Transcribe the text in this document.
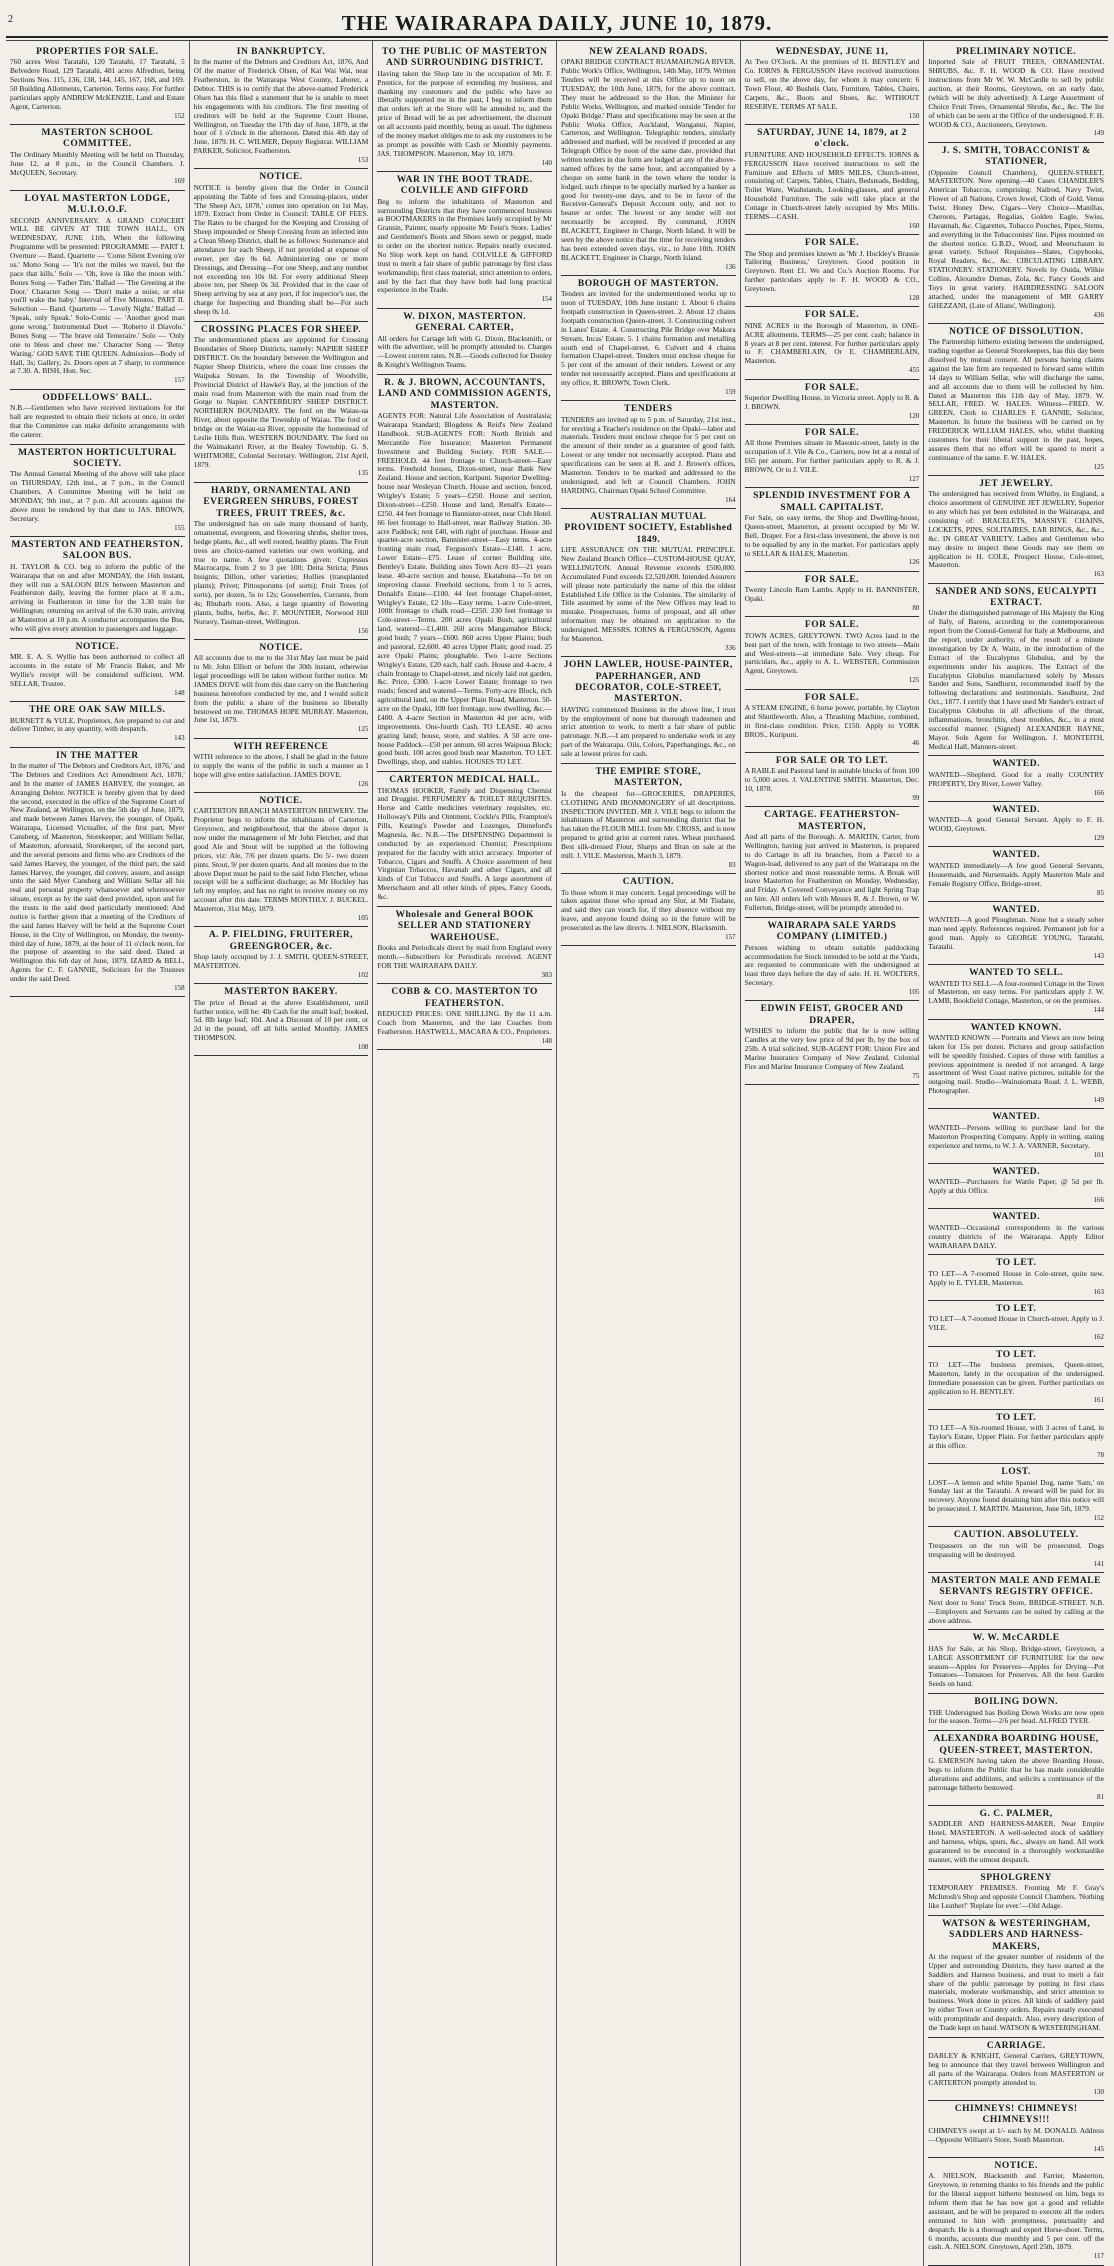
2	THE WAIRARAPA DAILY, JUNE 10, 1879.
PROPERTIES FOR SALE.
760 acres West Taratahi, 120 Taratahi, 17 Taratahi, 5 Belvedere Road, 129 Taratahi, 481 acres Alfredton, being Sections Nos. 115, 136, 138, 144, 145, 167, 168, and 169. 50 Building Allotments, Carterton. Terms easy. For further particulars apply ANDREW McKENZIE, Land and Estate Agent, Carterton.
152
MASTERTON SCHOOL COMMITTEE.
The Ordinary Monthly Meeting will be held on Thursday, June 12, at 8 p.m., in the Council Chambers. J. McQUEEN, Secretary.
169
LOYAL MASTERTON LODGE, M.U.I.O.O.F.
SECOND ANNIVERSARY. A GRAND CONCERT WILL BE GIVEN AT THE TOWN HALL, ON WEDNESDAY, JUNE 11th, When the following Programme will be presented: PROGRAMME — PART I. Overture — Band. Quartette — 'Come Silent Evening o'er us.' Motto Song — 'It's not the miles we travel, but the pace that kills.' Solo — 'Oh, love is like the moon with.' Bones Song — 'Father Tim.' Ballad — 'The Greeting at the Door.' Character Song — 'Don't make a noise, or else you'll wake the baby.' Interval of Five Minutes. PART II. Selection — Band. Quartette — 'Lovely Night.' Ballad — 'Speak, only Speak.' Solo-Comic — 'Another good man gone wrong.' Instrumental Duet — 'Roberto il Diavolo.' Bones Song — 'The brave old Temeraire.' Solo — 'Only one to bless and cheer me.' Character Song — 'Betsy Waring.' GOD SAVE THE QUEEN. Admission—Body of Hall, 3s; Gallery, 2s. Doors open at 7 sharp; to commence at 7.30. A. BISH, Hon. Sec.
157
ODDFELLOWS' BALL.
N.B.—Gentlemen who have received invitations for the ball are requested to obtain their tickets at once, in order that the Committee can make definite arrangements with the caterer.
MASTERTON HORTICULTURAL SOCIETY.
The Annual General Meeting of the above will take place on THURSDAY, 12th inst., at 7 p.m., in the Council Chambers. A Committee Meeting will be held on MONDAY, 9th inst., at 7 p.m. All accounts against the above must be rendered by that date to JAS. BROWN, Secretary.
155
MASTERTON AND FEATHERSTON. SALOON BUS.
H. TAYLOR & CO. beg to inform the public of the Wairarapa that on and after MONDAY, the 16th instant, they will run a SALOON BUS between Masterton and Featherston daily, leaving the former place at 8 a.m., arriving in Featherston in time for the 3.30 train for Wellington; returning on arrival of the 6.30 train, arriving at Masterton at 10 p.m. A conductor accompanies the Bus, who will give every attention to passengers and luggage.
NOTICE.
MR. E. A. S. Wyllie has been authorised to collect all accounts in the estate of Mr Francis Baker, and Mr Wyllie's receipt will be considered sufficient. WM. SELLAR, Trustee.
148
THE ORE OAK SAW MILLS.
BURNETT & YULE, Proprietors, Are prepared to cut and deliver Timber, in any quantity, with despatch.
143
IN THE MATTER
In the matter of 'The Debtors and Creditors Act, 1876,' and 'The Debtors and Creditors Act Amendment Act, 1878,' and In the matter of JAMES HARVEY, the younger, an Arranging Debtor. NOTICE is hereby given that by deed the second, executed in the office of the Supreme Court of New Zealand, at Wellington, on the 5th day of June, 1879, and made between James Harvey, the younger, of Opaki, Wairarapa, Licensed Victualler, of the first part, Myer Cansberg, of Masterton, Storekeeper, and William Sellar, of Masterton, aforesaid, Storekeeper, of the second part, and the several persons and firms who are Creditors of the said James Harvey, the younger, of the third part, the said James Harvey, the younger, did convey, assure, and assign unto the said Myer Cansberg and William Sellar all his real and personal property whatsoever and wheresoever situate, except as by the said deed provided, upon and for the trusts in the said deed particularly mentioned: And notice is further given that a meeting of the Creditors of the said James Harvey will be held at the Supreme Court House, in the City of Wellington, on Monday, the twenty-third day of June, 1879, at the hour of 11 o'clock noon, for the purpose of assenting to the said deed. Dated at Wellington this 6th day of June, 1879. IZARD & BELL, Agents for C. F. GANNIE, Solicitors for the Trustees under the said Deed.
158
IN BANKRUPTCY.
In the matter of the Debtors and Creditors Act, 1876, And Of the matter of Frederick Olsen, of Kai Wai Wai, near Featherston, in the Wairarapa West County, Laborer, a Debtor. THIS is to certify that the above-named Frederick Olsen has this filed a statement that he is unable to meet his engagements with his creditors. The first meeting of creditors will be held at the Supreme Court House, Wellington, on Tuesday the 17th day of June, 1879, at the hour of 1 o'clock in the afternoon. Dated this 4th day of June, 1879. H. C. WILMER, Deputy Registrar. WILLIAM PARKER, Solicitor, Featherston.
153
NOTICE.
NOTICE is hereby given that the Order in Council appointing the Table of fees and Crossing-places, under 'The Sheep Act, 1878,' comes into operation on 1st May, 1879. Extract from Order in Council: TABLE OF FEES. The Rates to be charged for the Keeping and Crossing of Sheep impounded or Sheep Crossing from an infected into a Clean Sheep District, shall be as follows: Sustenance and attendance for each Sheep, if not provided at expense of owner, per day 0s 6d. Administering one or more Dressings, and Dressing—For one Sheep, and any number not exceeding ten 10s 0d. For every additional Sheep above ten, per Sheep 0s 3d. Provided that in the case of Sheep arriving by sea at any port, if for inspector's use, the charge for Inspecting and Branding shall be—For such sheep 0s 1d.
CROSSING PLACES FOR SHEEP.
The undermentioned places are appointed for Crossing Boundaries of Sheep Districts, namely: NAPIER SHEEP DISTRICT. On the boundary between the Wellington and Napier Sheep Districts, where the coast line crosses the Waipuka Stream. In the Township of Woodville, Provincial District of Hawke's Bay, at the junction of the main road from Masterton with the main road from the Gorge to Napier. CANTERBURY SHEEP DISTRICT. NORTHERN BOUNDARY. The ford on the Waiau-ua River, about opposite the Township of Waiau. The ford or bridge on the Waiau-ua River, opposite the homestead of Leslie Hills Run. WESTERN BOUNDARY. The ford on the Waimakariri River, at the Bealey Township. G. S. WHITMORE, Colonial Secretary. Wellington, 21st April, 1879.
135
HARDY, ORNAMENTAL AND EVERGREEN SHRUBS, FOREST TREES, FRUIT TREES, &c.
The undersigned has on sale many thousand of hardy, ornamental, evergreen, and flowering shrubs, shelter trees, hedge plants, &c., all well rooted, healthy plants. The Fruit trees are choice-named varieties our own working, and true to name. A few quotations given: Cupressus Macrocarpa, from 2 to 3 per 100; Deita Stricta; Pinus Insignis; Dillon, other varieties; Hollies (transplanted plants); Privet; Pittosporums (of sorts); Fruit Trees (of sorts), per dozen, 5s to 12s; Gooseberries, Currants, from 4s; Rhubarb roots. Also, a large quantity of flowering plants, bulbs, herbs, &c. F. MOUNTIER, Norwood Hill Nursery, Tasman-street, Wellington.
156
NOTICE.
All accounts due to me to the 31st May last must be paid to Mr. John Elliott or before the 30th instant, otherwise legal proceedings will be taken without further notice. Mr JAMES DOVE will from this date carry on the Butchering business heretofore conducted by me, and I would solicit from the public a share of the business so liberally bestowed on me. THOMAS HOPE MURRAY. Masterton, June 1st, 1879.
125
WITH REFERENCE
WITH reference to the above, I shall be glad in the future to supply the wants of the public in such a manner as I hope will give entire satisfaction. JAMES DOVE.
126
NOTICE.
CARTERTON BRANCH MASTERTON BREWERY. The Proprietor begs to inform the inhabitants of Carterton, Greytown, and neighbourhood, that the above depot is now under the management of Mr John Fletcher, and that good Ale and Stout will be supplied at the following prices, viz: Ale, 7/6 per dozen quarts. Do 5/- two dozen pints. Stout, 9/ per dozen quarts. And all monies due to the above Depot must be paid to the said John Fletcher, whose receipt will be a sufficient discharge; as Mr Hockley has left my employ, and has no right to receive money on my account after this date. TERMS MONTHLY. J. BUCKEL. Masterton, 31st May, 1879.
105
A. P. FIELDING, FRUITERER, GREENGROCER, &c.
Shop lately occupied by J. J. SMITH, QUEEN-STREET, MASTERTON.
102
MASTERTON BAKERY.
The price of Bread at the above Establishment, until further notice, will be: 4lb Cash for the small loaf; booked, 5d. 8lb large loaf; 10d. And a Discount of 10 per cent, or 2d in the pound, off all bills settled Monthly. JAMES THOMPSON.
108
TO THE PUBLIC OF MASTERTON AND SURROUNDING DISTRICT.
Having taken the Shop late in the occupation of Mr. F. Prentice, for the purpose of extending my business, and thanking my customers and the public who have so liberally supported me in the past, I beg to inform them that orders left at the Store will be attended to, and the price of Bread will be as per advertisement, the discount on all accounts paid monthly, being as usual. The tightness of the money market obliges me to ask my customers to be as prompt as possible with Cash or Monthly payments. JAS. THOMPSON. Masterton, May 10, 1879.
140
WAR IN THE BOOT TRADE. COLVILLE AND GIFFORD
Beg to inform the inhabitants of Masterton and surrounding Districts that they have commenced business as BOOTMAKERS in the Premises lately occupied by Mr Gransin, Painter, nearly opposite Mr Feist's Store. Ladies' and Gentlemen's Boots and Shoes sewn or pegged, made to order on the shortest notice. Repairs neatly executed. No Slop work kept on hand. COLVILLE & GIFFORD trust to merit a fair share of public patronage by first class workmanship, first class material, strict attention to orders, and by the fact that they have both had long practical experience in the Trade.
154
W. DIXON, MASTERTON. GENERAL CARTER,
All orders for Cartage left with G. Dixon, Blacksmith, or with the advertiser, will be promptly attended to. Charges—Lowest current rates. N.B.—Goods collected for Donley & Knight's Wellington Teams.
R. & J. BROWN, ACCOUNTANTS, LAND AND COMMISSION AGENTS, MASTERTON.
AGENTS FOR: Natural Life Association of Australasia; Wairarapa Standard; Blogdens & Reid's New Zealand Handbook. SUB-AGENTS FOR: North British and Mercantile Fire Insurance; Masterton Permanent Investment and Building Society. FOR SALE.—FREEHOLD. 44 feet frontage to Church-street—Easy terms. Freehold houses, Dixon-street, near Bank New Zealand. House and section, Kuripuni. Superior Dwelling-house near Wesleyan Church. House and section, fenced, Wrigley's Estate; 5 years—£250. House and section, Dixon-street—£250. House and land, Renall's Estate—£250. 44 feet frontage to Bannister-street, near Club Hotel. 66 feet frontage to Hall-street, near Railway Station. 30-acre Paddock; rent £40, with right of purchase. House and quarter-acre section, Bannister-street—Easy terms. 4-acre fronting main road, Ferguson's Estate—£140. 1 acre, Lower Estate—£75. Lease of corner Building site, Bentley's Estate. Building sites Town Acre 83—21 years lease. 40-acre section and house, Ekatahuna—To let on improving clause. Freehold sections, from 1 to 5 acres, Donald's Estate—£100. 44 feet frontage Chapel-street, Wrigley's Estate, £2 10s—Easy terms. 1-acre Cole-street, 100ft frontage to chalk road—£250. 230 feet frontage to Cole-street—Terms. 200 acres Opaki Bush, agricultural land, watered—£1,400. 260 acres Mangamahoe Block; good bush; 7 years—£600. 860 acres Upper Plains; bush and pastoral, £2,600. 40 acres Upper Plain; good road. 25 acre Opaki Plains; ploughable. Two 1-acre Sections Wrigley's Estate, £20 each, half cash. House and 4-acre, 4 chain frontage to Chapel-street, and nicely laid out garden, &c. Price, £300. 1-acre Lower Estate; frontage to two roads; fenced and watered—Terms. Forty-acre Block, rich agricultural land, on the Upper Plain Road, Masterton. 50-acre on the Opaki, 100 feet frontage, now dwelling, &c.—£400. A 4-acre Section in Masterton 4d per acre, with improvements. One-fourth Cash. TO LEASE. 40 acres grazing land; house, store, and stables. A 50 acre one-house Paddock—£50 per annum. 60 acres Waipoua Block; good bush. 100 acres good bush near Masterton. TO LET. Dwellings, shop, and stables. HOUSES TO LET.
CARTERTON MEDICAL HALL.
THOMAS HOOKER, Family and Dispensing Chemist and Druggist. PERFUMERY & TOILET REQUISITES. Horse and Cattle medicines veterinary requisites, etc. Holloway's Pills and Ointment, Cockle's Pills, Frampton's Pills, Keating's Powder and Lozenges, Dinneford's Magnesia, &c. N.B.—The DISPENSING Department is conducted by an experienced Chemist; Prescriptions prepared for the faculty with strict accuracy. Importer of Tobacco, Cigars and Snuffs. A Choice assortment of best Virginian Tobaccos, Havanah and other Cigars, and all kinds of Cut Tobacco and Snuffs. A large assortment of Meerschaum and all other kinds of pipes, Fancy Goods, &c.
Wholesale and General BOOK SELLER AND STATIONERY WAREHOUSE.
Books and Periodicals direct by mail from England every month.—Subscribers for Periodicals received. AGENT FOR THE WAIRARAPA DAILY.
383
COBB & CO. MASTERTON TO FEATHERSTON.
REDUCED PRICES: ONE SHILLING. By the 11 a.m. Coach from Masterton, and the late Coaches from Featherston. HASTWELL, MACARA & CO., Proprietors.
148
NEW ZEALAND ROADS.
OPAKI BRIDGE CONTRACT RUAMAHUNGA RIVER. Public Work's Office, Wellington, 14th May, 1879. Written Tenders will be received at this Office up to noon on TUESDAY, the 10th June, 1879, for the above contract. They must be addressed to the Hon. the Minister for Public Works, Wellington, and marked outside 'Tender for Opaki Bridge.' Plans and specifications may be seen at the Public Works Office, Auckland, Wanganui, Napier, Carterton, and Wellington. Telegraphic tenders, similarly addressed and marked, will be received if preceded at any Telegraph Office by noon of the same date, provided that written tenders in due form are lodged at any of the above-named offices by the same hour, and accompanied by a cheque on some bank in the town where the tender is lodged, such cheque to be specially marked by a banker as good for twenty-one days, and to be in favor of the Receiver-General's Deposit Account only, and not to bearer or order. The lowest or any tender will not necessarily be accepted. By command, JOHN BLACKETT, Engineer in Charge, North Island. It will be seen by the above notice that the time for receiving tenders has been extended seven days, viz., to June 10th. JOHN BLACKETT, Engineer in Charge, North Island.
136
BOROUGH OF MASTERTON.
Tenders are invited for the undermentioned works up to noon of TUESDAY, 10th June instant: 1. About 6 chains footpath construction in Queen-street. 2. About 12 chains footpath construction Queen-street. 3. Constructing culvert in Lanes' Estate. 4. Constructing Pile Bridge over Makora Stream, Incas' Estate. 5. 1 chains formation and metalling south end of Chapel-street. 6. Culvert and 4 chains formation Chapel-street. Tenders must enclose cheque for 5 per cent of the amount of their tenders. Lowest or any tender not necessarily accepted. Plans and specifications at my office, R. BROWN, Town Clerk.
159
TENDERS
TENDERS are invited up to 5 p.m. of Saturday, 21st inst., for erecting a Teacher's residence on the Opaki—labor and materials. Tenders must enclose cheque for 5 per cent on the amount of their tender as a guarantee of good faith. Lowest or any tender not necessarily accepted. Plans and specifications can be seen at R. and J. Brown's offices, Masterton. Tenders to be marked and addressed to the undersigned, and left at Council Chambers. JOHN HARDING, Chairman Opaki School Committee.
164
AUSTRALIAN MUTUAL PROVIDENT SOCIETY, Established 1849.
LIFE ASSURANCE ON THE MUTUAL PRINCIPLE. New Zealand Branch Office—CUSTOM-HOUSE QUAY, WELLINGTON. Annual Revenue exceeds £500,000. Accumulated Fund exceeds £2,520,000. Intended Assurers will please note particularly the name of this the oldest Established Life Office in the Colonies. The similarity of Title assumed by some of the New Offices may lead to mistake. Prospectuses, forms of proposal, and all other information may be obtained on application to the undersigned. MESSRS. IORNS & FERGUSSON, Agents for Masterton.
336
JOHN LAWLER, HOUSE-PAINTER, PAPERHANGER, AND DECORATOR, COLE-STREET, MASTERTON.
HAVING commenced Business in the above line, I trust by the employment of none but thorough tradesmen and strict attention to work, to merit a fair share of public patronage. N.B.—I am prepared to undertake work in any part of the Wairarapa. Oils, Colors, Paperhangings, &c., on sale at lowest prices for cash.
THE EMPIRE STORE, MASTERTON,
Is the cheapest for—GROCERIES, DRAPERIES, CLOTHING AND IRONMONGERY of all descriptions. INSPECTION INVITED. MR J. VILE begs to inform the inhabitants of Masterton and surrounding district that he has taken the FLOUR MILL from Mr. CROSS, and is now prepared to grind grist at current rates. Wheat purchased. Best silk-dressed Flour, Sharps and Bran on sale at the mill. J. VILE. Masterton, March 3, 1879.
83
CAUTION.
To those whom it may concern. Legal proceedings will be taken against those who spread any Slur, at Mr Tisdane, and said they can vouch for, if they absence without my leave, and anyone found doing so in the future will be prosecuted as the law directs. J. NIELSON, Blacksmith.
157
WEDNESDAY, JUNE 11,
At Two O'Clock. At the premises of H. BENTLEY and Co. IORNS & FERGUSSON Have received instructions to sell, on the above day, for whom it may concern: 6 Town Flour, 40 Bushels Oats, Furniture, Tables, Chairs, Carpets, &c., Boots and Shoes, &c. WITHOUT RESERVE. TERMS AT SALE.
150
SATURDAY, JUNE 14, 1879, at 2 o'clock.
FURNITURE AND HOUSEHOLD EFFECTS. IORNS & FERGUSSON Have received instructions to sell the Furniture and Effects of MRS MILES, Church-street, consisting of: Carpets, Tables, Chairs, Bedsteads, Bedding, Toilet Ware, Washstands, Looking-glasses, and general Household Furniture. The sale will take place at the Cottage in Church-street lately occupied by Mrs Mills. TERMS—CASH.
160
FOR SALE.
The Shop and premises known as 'Mr J. Hockley's Brassie Tailoring Business,' Greytown. Good position in Greytown. Rent £1. We and Co.'s Auction Rooms. For further particulars apply to F. H. WOOD & CO., Greytown.
128
FOR SALE.
NINE ACRES in the Borough of Masterton, in ONE-ACRE allotments. TERMS—25 per cent. cash; balance in 8 years at 8 per cent. interest. For further particulars apply to F. CHAMBERLAIN, Or E. CHAMBERLAIN, Masterton.
455
FOR SALE.
Superior Dwelling House, in Victoria street. Apply to R. & J. BROWN.
120
FOR SALE.
All those Premises situate in Masonic-street, lately in the occupation of J. Vile & Co., Carriers, now let at a rental of £65 per annum. For further particulars apply to R. & J. BROWN, Or to J. VILE.
127
SPLENDID INVESTMENT FOR A SMALL CAPITALIST.
For Sale, on easy terms, the Shop and Dwelling-house, Queen-street, Masterton, at present occupied by Mr W. Bell, Draper. For a first-class investment, the above is not to be equalled by any in the market. For particulars apply to SELLAR & HALES, Masterton.
126
FOR SALE.
Twenty Lincoln Ram Lambs. Apply to H. BANNISTER, Opaki.
80
FOR SALE.
TOWN ACRES, GREYTOWN. TWO Acres land in the best part of the town, with frontage to two streets—Main and West-streets—at immediate Sale. Very cheap. For particulars, &c., apply to A. L. WEBSTER, Commission Agent, Greytown.
125
FOR SALE.
A STEAM ENGINE, 6 horse power, portable, by Clayton and Shuttleworth. Also, a Thrashing Machine, combined, in first-class condition. Price, £150. Apply to YORK BROS., Kuripuni.
46
FOR SALE OR TO LET.
A RABLE and Pastoral land in suitable blocks of from 100 to 5,000 acres. J. VALENTINE SMITH. Masterton, Dec. 10, 1878.
99
CARTAGE. FEATHERSTON-MASTERTON,
And all parts of the Borough. A. MARTIN, Carter, from Wellington, having just arrived in Masterton, is prepared to do Cartage in all its branches, from a Parcel to a Wagon-load, delivered to any part of the Wairarapa on the shortest notice and most reasonable terms. A Break will leave Masterton for Featherston on Monday, Wednesday, and Friday. A Covered Conveyance and light Spring Trap on hire. All orders left with Messrs R. & J. Brown, or W. Fullerton, Bridge-street, will be promptly attended to.
WAIRARAPA SALE YARDS COMPANY (LIMITED.)
Persons wishing to obtain suitable paddocking accommodation for Stock intended to be sold at the Yards, are requested to communicate with the undersigned at least three days before the day of sale. H. H. WOLTERS, Secretary.
105
EDWIN FEIST, GROCER AND DRAPER,
WISHES to inform the public that he is now selling Candles at the very low price of 9d per lb, by the box of 25lb. A trial solicited. SUB-AGENT FOR: Union Fire and Marine Insurance Company of New Zealand. Colonial Fire and Marine Insurance Company of New Zealand.
75
PRELIMINARY NOTICE.
Imported Sale of FRUIT TREES, ORNAMENTAL SHRUBS, &c. F. H. WOOD & CO. Have received instructions from Mr W. W. McCardle to sell by public auction, at their Rooms, Greytown, on an early date, (which will be duly advertised): A Large Assortment of Choice Fruit Trees, Ornamental Shrubs, &c., &c. The list of which can be seen at the Office of the undersigned. F. H. WOOD & CO., Auctioneers, Greytown.
149
J. S. SMITH, TOBACCONIST & STATIONER,
(Opposite Council Chambers), QUEEN-STREET, MASTERTON. Now opening—40 Cases CHANDLER'S American Tobaccos, comprising: Nailrod, Navy Twist, Flower of all Nations, Crown Jewel, Cloth of Gold, Venus Twist. Honey Dew, Cigars—Very Choice—Manillas, Cheroots, Partagas, Regalias, Golden Eagle, Swiss, Havannah, &c. Cigarettes, Tobacco Pouches, Pipes, Stems, and everything in the Tobacconists' line. Pipes mounted on the shortest notice. G.B.D., Wood, and Meerschaum in great variety. School Requisites—Slates, Copybooks, Royal Readers, &c., &c. CIRCULATING LIBRARY. STATIONERY. STATIONERY. Novels by Ouida, Wilkie Collins, Alexandre Dumas, Zola, &c. Fancy Goods and Toys in great variety. HAIRDRESSING SALOON attached, under the management of MR GARRY GHEZZANI, (Late of Allans', Wellington).
436
NOTICE OF DISSOLUTION.
The Partnership hitherto existing between the undersigned, trading together as General Storekeepers, has this day been dissolved by mutual consent. All persons having claims against the late firm are requested to forward same within 14 days to William Sellar, who will discharge the same, and all accounts due to them will be collected by him. Dated at Masterton this 11th day of May, 1879. W. SELLAR, FRED. W. HALES. Witness—FRED. W. GREEN, Clerk to CHARLES F. GANNIE, Solicitor, Masterton. In future the business will be carried on by FREDERICK WILLIAM HALES, who, whilst thanking customers for their liberal support in the past, hopes, assures them that no effort will be spared to merit a continuance of the same. F. W. HALES.
125
JET JEWELRY.
The undersigned has received from Whitby, in England, a choice assortment of GENUINE JET JEWELRY, Superior to any which has yet been exhibited in the Wairarapa, and consisting of: BRACELETS, MASSIVE CHAINS, LOCKETS, PINS, SOLITAIRES, EAR RINGS, &c., &c., &c. IN GREAT VARIETY. Ladies and Gentlemen who may desire to inspect these Goods may see them on application to H. COLE, Prospect House, Cole-street, Masterton.
163
SANDER AND SONS, EUCALYPTI EXTRACT.
Under the distinguished patronage of His Majesty the King of Italy, of Barens, according to the contemporaneous report from the Consul-General for Italy at Melbourne, and the report, under authority, of the result of a minute investigation by Dr A. Waitz, in the introduction of the Extract of the Eucalyptus Globulus, and by the experiments under his auspices. The Extract of the Eucalyptus Globulus manufactured solely by Messrs Sander and Sons, Sandhurst, recommended itself by the following declarations and testimonials. Sandhurst, 2nd Oct., 1877. I certify that I have used Mr Sander's extract of Eucalyptus Globulus in all affections of the throat, inflammations, bronchitis, chest troubles, &c., in a most successful manner. (Signed) ALEXANDER BAYNE, Mayor. Sole Agent for Wellington, J. MONTEITH, Medical Hall, Manners-street.
WANTED.
WANTED—Shepherd. Good for a really COUNTRY PROPERTY, Dry River, Lower Valley.
166
WANTED.
WANTED—A good General Servant. Apply to F. H. WOOD, Greytown.
129
WANTED.
WANTED immediately—A few good General Servants, Housemaids, and Nursemaids. Apply Masterton Male and Female Registry Office, Bridge-street.
85
WANTED.
WANTED—A good Ploughman. None but a steady sober man need apply. References required. Permanent job for a good man. Apply to GEORGE YOUNG, Taratahi, Taratahi.
143
WANTED TO SELL.
WANTED TO SELL—A four-roomed Cottage in the Town of Masterton, on easy terms. For particulars apply J. W. LAMB, Bookfield Cottage, Masterton, or on the premises.
144
WANTED KNOWN.
WANTED KNOWN — Portraits and Views are now being taken for 15s per dozen. Pictures and group satisfaction will be speedily finished. Copies of those with families a previous appointment is needed if not arranged. A large assortment of West Coast native pictures, suitable for the outgoing mail. Studio—Wainuiomata Road. J. L. WEBB, Photographer.
149
WANTED.
WANTED—Persons willing to purchase land for the Masterton Prospecting Company. Apply in writing, stating experience and terms, to W. J. A. VARNER, Secretary.
101
WANTED.
WANTED—Purchasers for Wattle Paper, @ 5d per lb. Apply at this Office.
166
WANTED.
WANTED—Occasional correspondents in the various country districts of the Wairarapa. Apply Editor WAIRARAPA DAILY.
TO LET.
TO LET—A 7-roomed House in Cole-street, quite new. Apply to E. TYLER, Masterton.
163
TO LET.
TO LET—A 7-roomed House in Church-street. Apply to J. VILE.
162
TO LET.
TO LET—The business premises, Queen-street, Masterton, lately in the occupation of the undersigned. Immediate possession can be given. Further particulars on application to H. BENTLEY.
161
TO LET.
TO LET—A Six-roomed House, with 3 acres of Land, in Taylor's Estate, Upper Plain. For further particulars apply at this office.
78
LOST.
LOST—A lemon and white Spaniel Dog, name 'Sam,' on Sunday last at the Taratahi. A reward will be paid for its recovery. Anyone found detaining him after this notice will be prosecuted. J. MARTIN. Masterton, June 5th, 1879.
152
CAUTION. ABSOLUTELY.
Trespassers on the run will be prosecuted. Dogs trespassing will be destroyed.
141
MASTERTON MALE AND FEMALE SERVANTS REGISTRY OFFICE.
Next door to Sons' Truck Store, BRIDGE-STREET. N.B.—Employers and Servants can be suited by calling at the above address.
W. W. McCARDLE
HAS for Sale, at his Shop, Bridge-street, Greytown, a LARGE ASSORTMENT OF FURNITURE for the new season—Apples for Preserves—Apples for Drying—Pot Tomatoes—Tomatoes for Preserves. All the best Garden Seeds on hand.
BOILING DOWN.
THE Undersigned has Boiling Down Works are now open for the season. Terms—2/6 per head. ALFRED TYER.
ALEXANDRA BOARDING HOUSE, QUEEN-STREET, MASTERTON.
G. EMERSON having taken the above Boarding House, begs to inform the Public that he has made considerable alterations and additions, and solicits a continuance of the patronage hitherto bestowed.
81
G. C. PALMER,
SADDLER AND HARNESS-MAKER, Near Empire Hotel, MASTERTON. A well-selected stock of saddlery and harness, whips, spurs, &c., always on hand. All work guaranteed to be executed in a thoroughly workmanlike manner, with the utmost despatch.
SPHOLGRENY
TEMPORARY PREMISES. Fronting Mr F. Gray's McIntosh's Shop and opposite Council Chambers. 'Nothing like Leather!' 'Replate for ever.'—Old Adage.
WATSON & WESTERINGHAM, SADDLERS AND HARNESS-MAKERS,
At the request of the greater number of residents of the Upper and surrounding Districts, they have started at the Saddlers and Harness business, and trust to merit a fair share of the public patronage by putting in first class materials, moderate workmanship, and strict attention to business. Work done in prices. All kinds of saddlery paid by either Town or Country orders. Repairs neatly executed with promptitude and despatch. Also, every description of the Trade kept on hand. WATSON & WESTERINGHAM.
CARRIAGE.
DARLEY & KNIGHT, General Carriers, GREYTOWN, beg to announce that they travel between Wellington and all parts of the Wairarapa. Orders from MASTERTON or CARTERTON promptly attended to.
130
CHIMNEYS! CHIMNEYS! CHIMNEYS!!!
CHIMNEYS swept at 1/- each by M. DONALD. Address—Opposite William's Store, South Masterton.
145
NOTICE.
A. NIELSON, Blacksmith and Farrier, Masterton, Greytown, in returning thanks to his friends and the public for the liberal support hitherto bestowed on him, begs to inform them that he has now got a good and reliable assistant, and he will be prepared to execute all the orders entrusted to him with promptness, punctuality and despatch. He is a thorough and expert Horse-shoer. Terms, 6 months, accounts due monthly and 5 per cent. off the cash. A. NIELSON. Greytown, April 25th, 1879.
117
